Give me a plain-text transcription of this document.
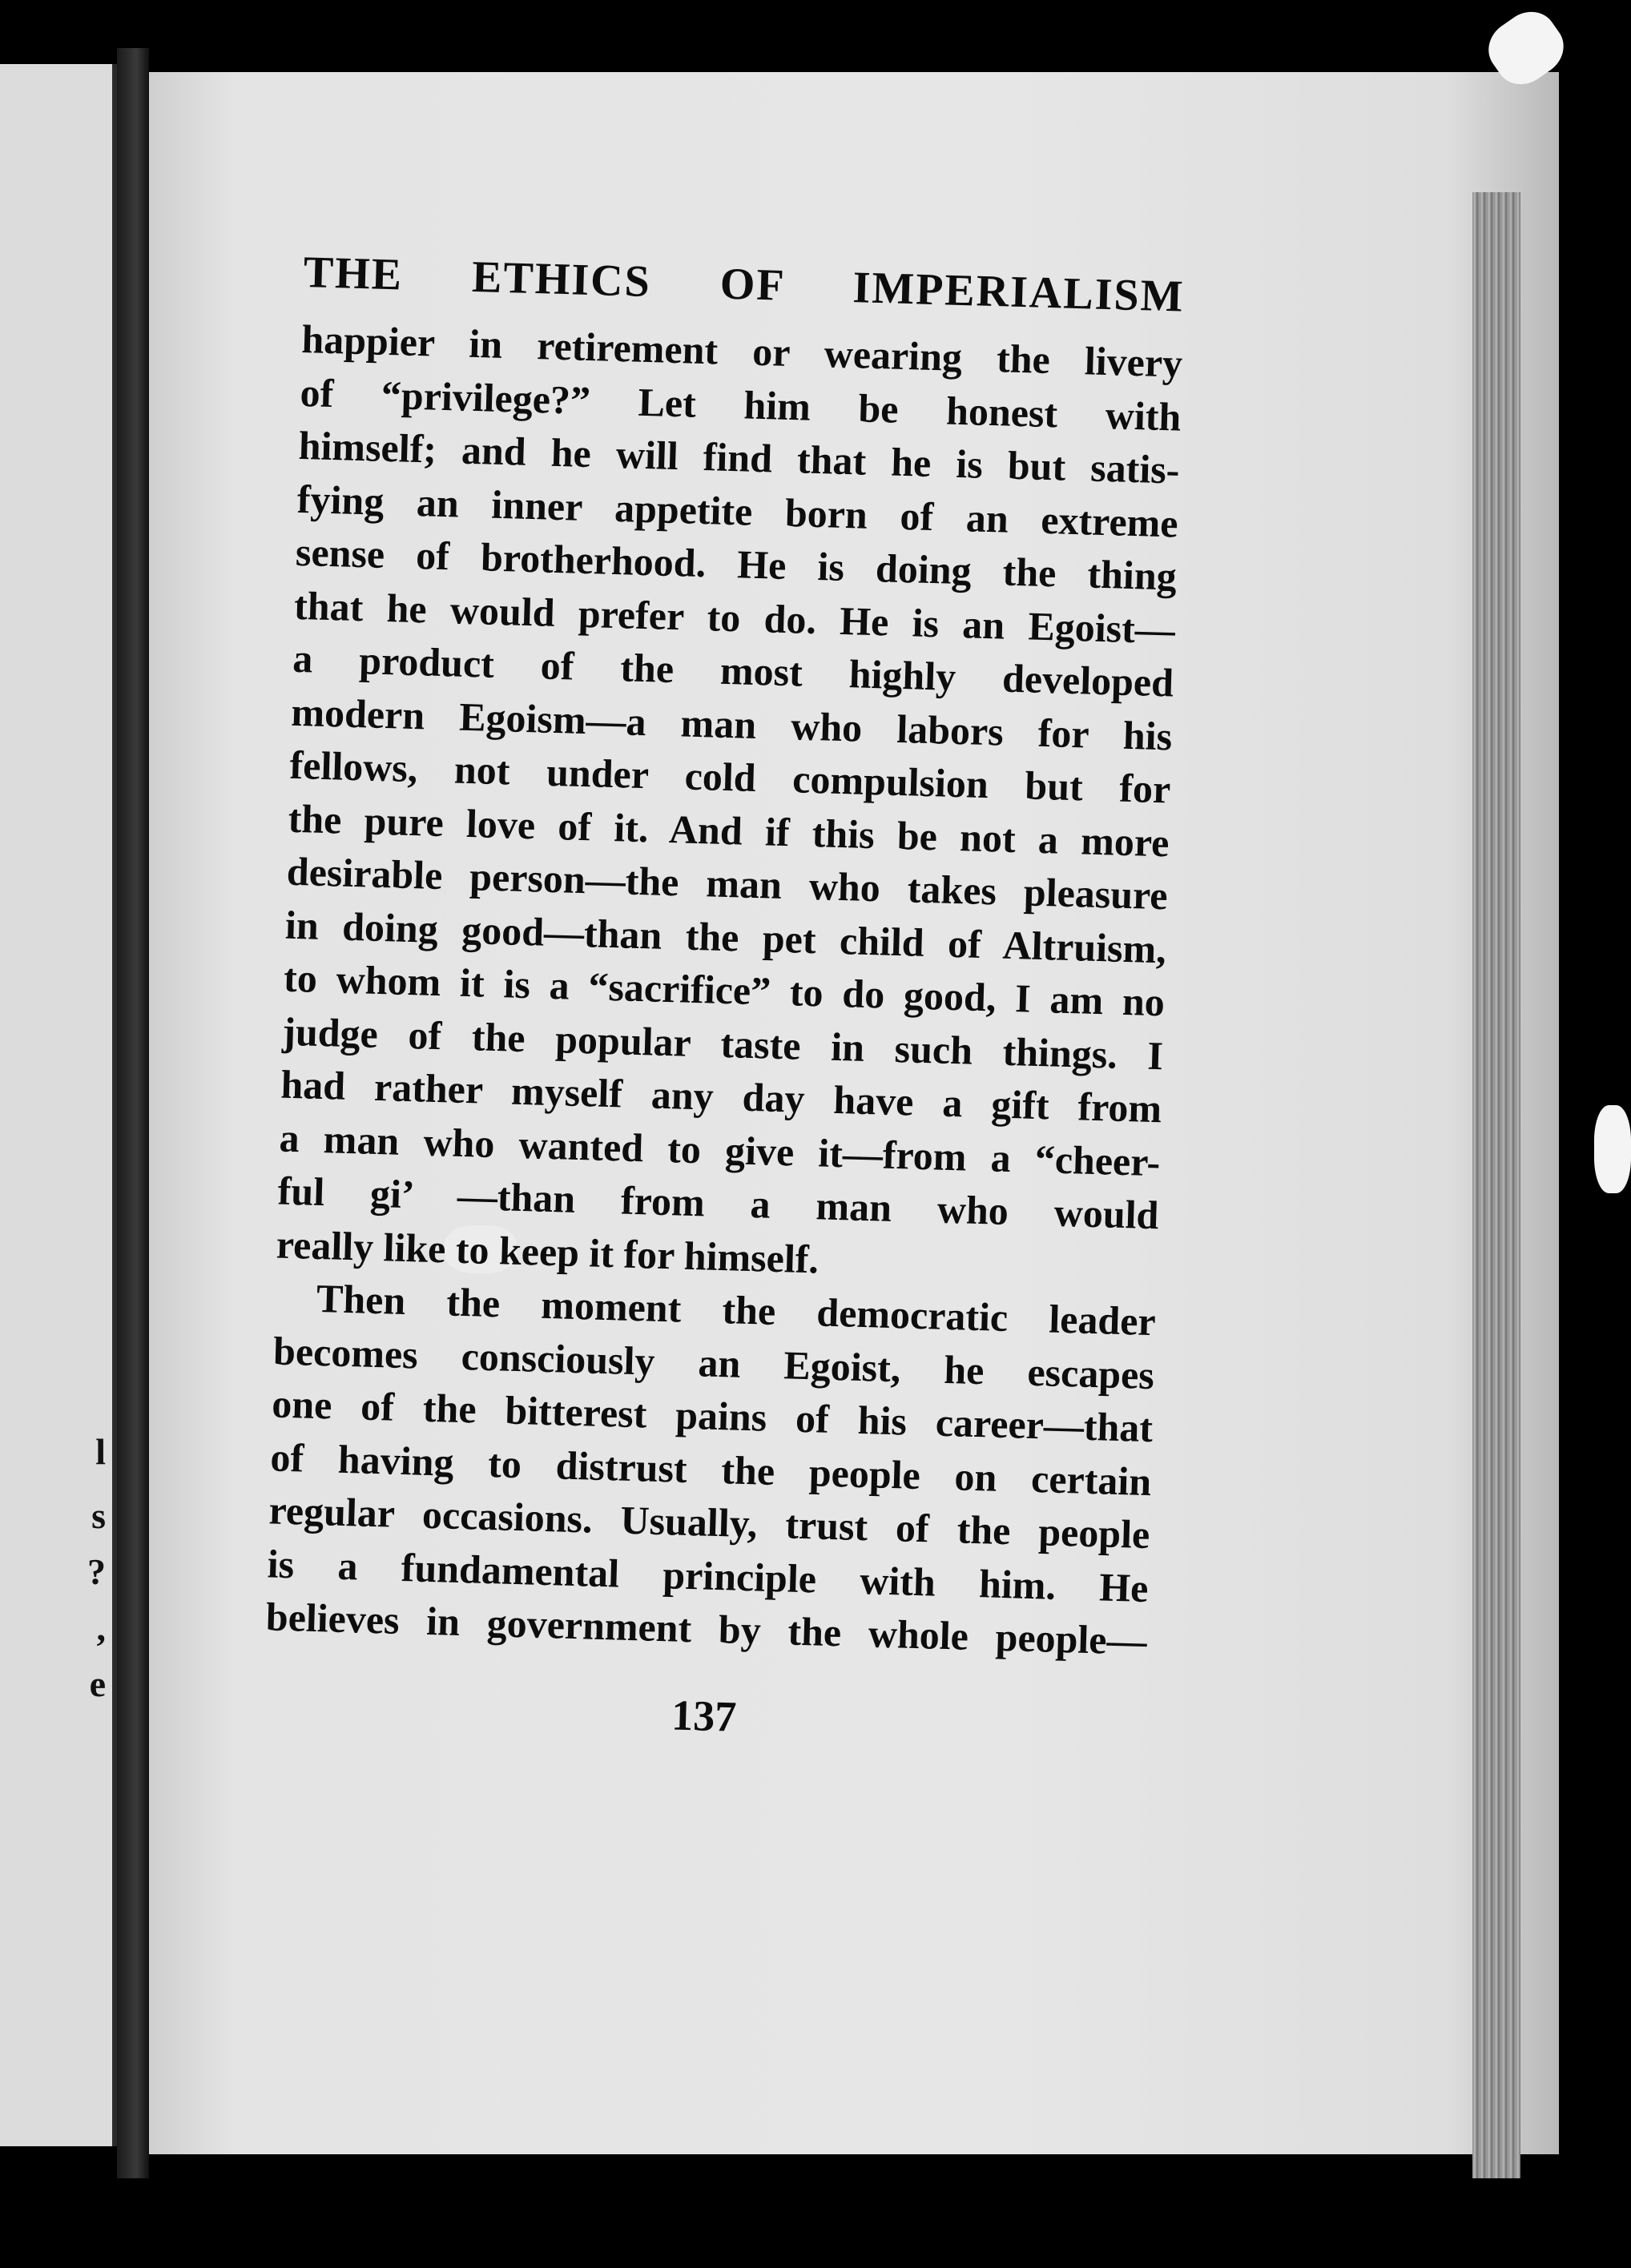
l
s
?
,
e
THE ETHICS OF IMPERIALISM
happier in retirement or wearing the livery
of “privilege?” Let him be honest with
himself; and he will find that he is but satis-
fying an inner appetite born of an extreme
sense of brotherhood. He is doing the thing
that he would prefer to do. He is an Egoist—
a product of the most highly developed
modern Egoism—a man who labors for his
fellows, not under cold compulsion but for
the pure love of it. And if this be not a more
desirable person—the man who takes pleasure
in doing good—than the pet child of Altruism,
to whom it is a “sacrifice” to do good, I am no
judge of the popular taste in such things. I
had rather myself any day have a gift from
a man who wanted to give it—from a “cheer-
ful gi’ —than from a man who would
really like to keep it for himself.
Then the moment the democratic leader
becomes consciously an Egoist, he escapes
one of the bitterest pains of his career—that
of having to distrust the people on certain
regular occasions. Usually, trust of the people
is a fundamental principle with him. He
believes in government by the whole people—
137
